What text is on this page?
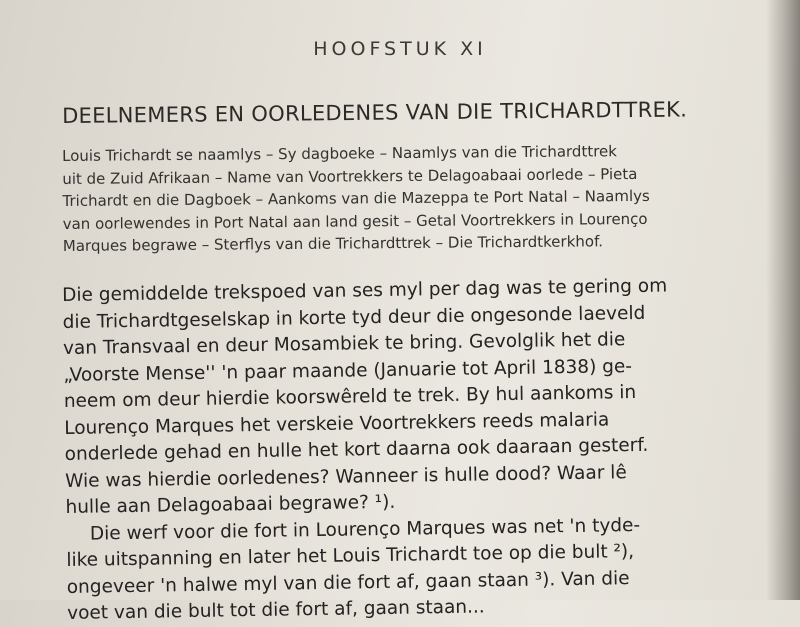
HOOFSTUK XI
DEELNEMERS EN OORLEDENES VAN DIE TRICHARDTTREK.
Louis Trichardt se naamlys – Sy dagboeke – Naamlys van die Trichardttrek
uit de Zuid Afrikaan – Name van Voortrekkers te Delagoabaai oorlede – Pieta
Trichardt en die Dagboek – Aankoms van die Mazeppa te Port Natal – Naamlys
van oorlewendes in Port Natal aan land gesit – Getal Voortrekkers in Lourenço
Marques begrawe – Sterflys van die Trichardttrek – Die Trichardtkerkhof.
Die gemiddelde trekspoed van ses myl per dag was te gering om
die Trichardtgeselskap in korte tyd deur die ongesonde laeveld
van Transvaal en deur Mosambiek te bring. Gevolglik het die
„Voorste Mense'' 'n paar maande (Januarie tot April 1838) ge-
neem om deur hierdie koorswêreld te trek. By hul aankoms in
Lourenço Marques het verskeie Voortrekkers reeds malaria
onderlede gehad en hulle het kort daarna ook daaraan gesterf.
Wie was hierdie oorledenes? Wanneer is hulle dood? Waar lê
hulle aan Delagoabaai begrawe? ¹).
Die werf voor die fort in Lourenço Marques was net 'n tyde-
like uitspanning en later het Louis Trichardt toe op die bult ²),
ongeveer 'n halwe myl van die fort af, gaan staan ³). Van die
voet van die bult tot die fort af, gaan staan...
